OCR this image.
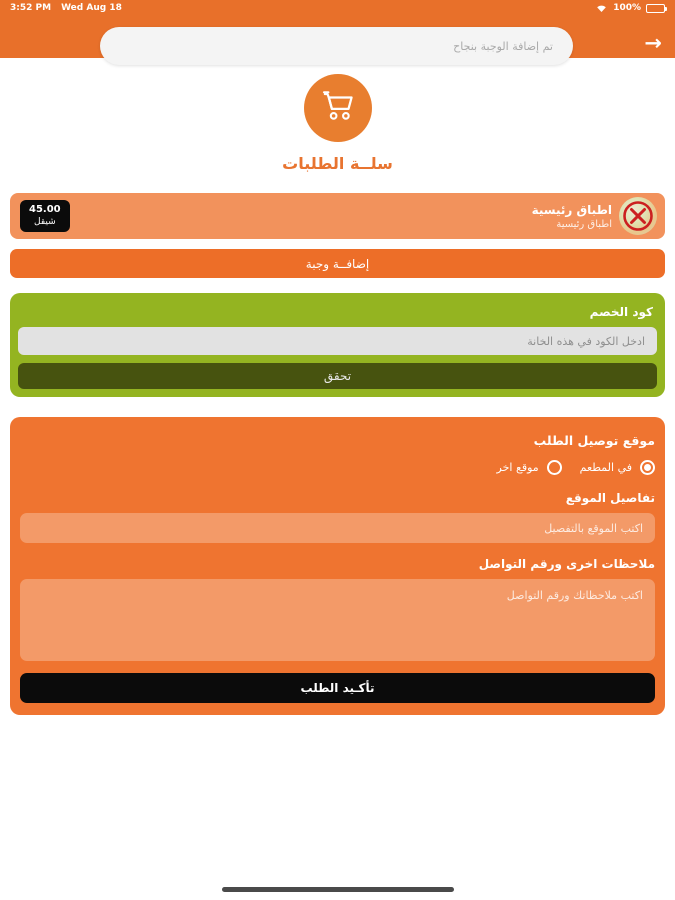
3:52 PM Wed Aug 18	100%
→
تم إضافة الوجبة بنجاح
سلــة الطلبات
اطباق رئيسية
اطباق رئيسية
45.00
شيقل
إضافــة وجبة
كود الخصم
ادخل الكود في هذه الخانة
تحقق
موقع توصيل الطلب
في المطعم
موقع اخر
تفاصيل الموقع
اكتب الموقع بالتفصيل
ملاحظات اخرى ورقم التواصل
اكتب ملاحظاتك ورقم التواصل
تأكـيد الطلب
